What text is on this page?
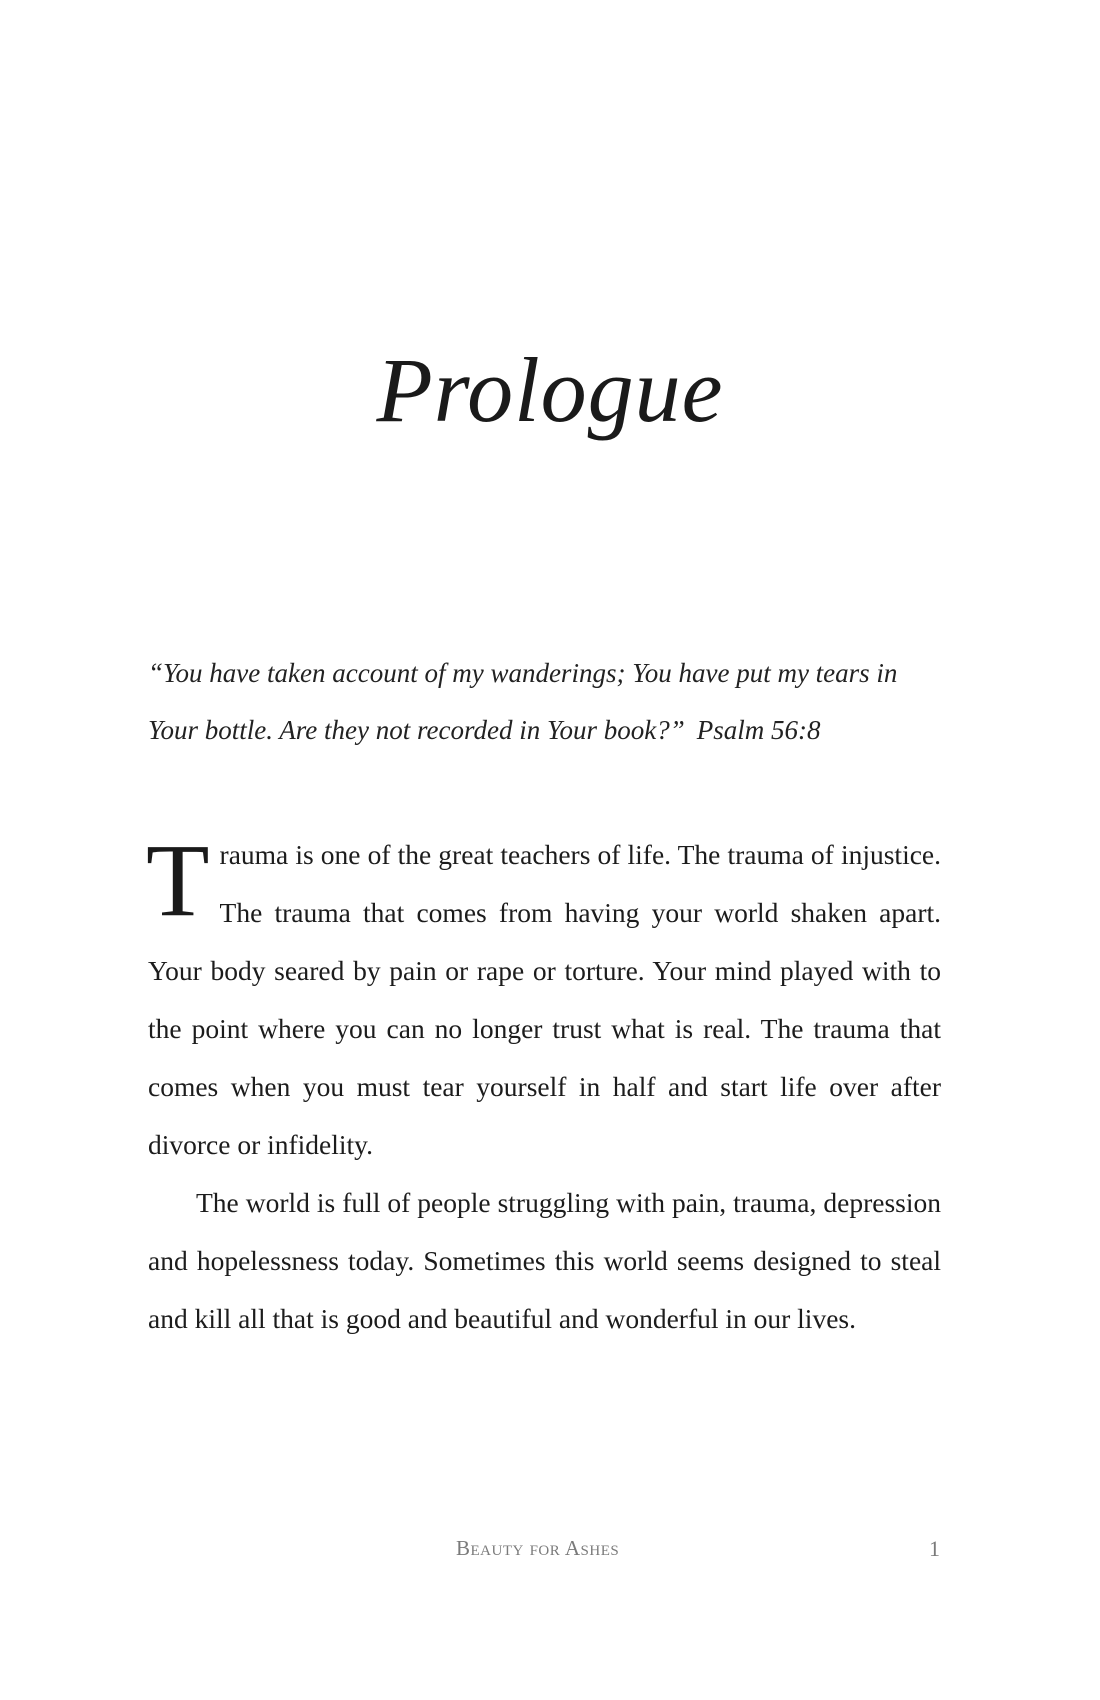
Prologue
“You have taken account of my wanderings; You have put my tears in Your bottle. Are they not recorded in Your book?” Psalm 56:8

Trauma is one of the great teachers of life. The trauma of injustice. The trauma that comes from having your world shaken apart. Your body seared by pain or rape or torture. Your mind played with to the point where you can no longer trust what is real. The trauma that comes when you must tear yourself in half and start life over after divorce or infidelity.

The world is full of people struggling with pain, trauma, depression and hopelessness today. Sometimes this world seems designed to steal and kill all that is good and beautiful and wonderful in our lives.

Beauty for Ashes	1
